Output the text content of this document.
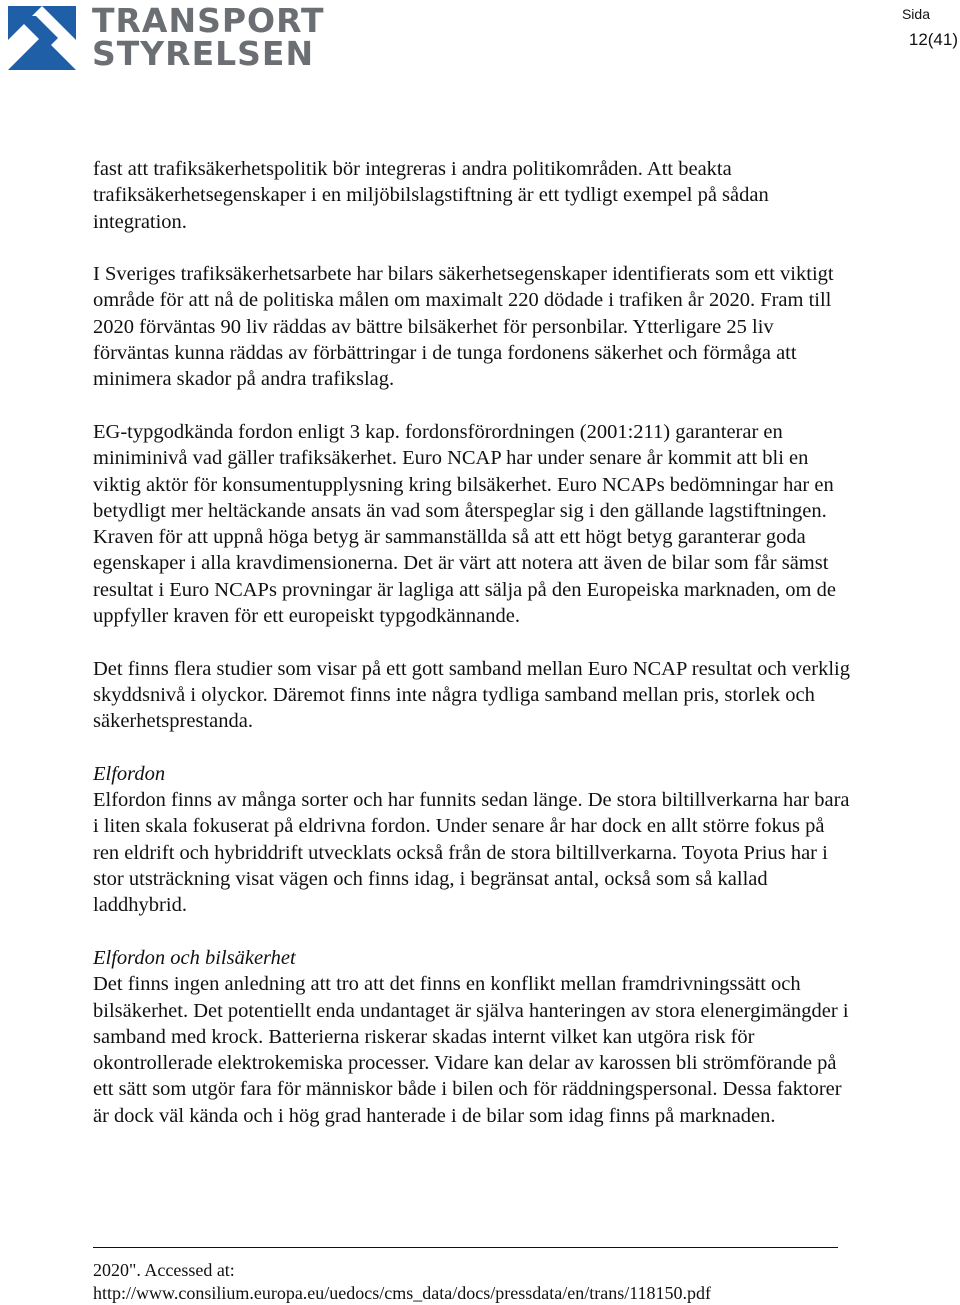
TRANSPORT
STYRELSEN
Sida
12(41)

fast att trafiksäkerhetspolitik bör integreras i andra politikområden. Att beakta trafiksäkerhetsegenskaper i en miljöbilslagstiftning är ett tydligt exempel på sådan integration.

I Sveriges trafiksäkerhetsarbete har bilars säkerhetsegenskaper identifierats som ett viktigt område för att nå de politiska målen om maximalt 220 dödade i trafiken år 2020. Fram till 2020 förväntas 90 liv räddas av bättre bilsäkerhet för personbilar. Ytterligare 25 liv förväntas kunna räddas av förbättringar i de tunga fordonens säkerhet och förmåga att minimera skador på andra trafikslag.

EG-typgodkända fordon enligt 3 kap. fordonsförordningen (2001:211) garanterar en miniminivå vad gäller trafiksäkerhet. Euro NCAP har under senare år kommit att bli en viktig aktör för konsumentupplysning kring bilsäkerhet. Euro NCAPs bedömningar har en betydligt mer heltäckande ansats än vad som återspeglar sig i den gällande lagstiftningen. Kraven för att uppnå höga betyg är sammanställda så att ett högt betyg garanterar goda egenskaper i alla kravdimensionerna. Det är värt att notera att även de bilar som får sämst resultat i Euro NCAPs provningar är lagliga att sälja på den Europeiska marknaden, om de uppfyller kraven för ett europeiskt typgodkännande.

Det finns flera studier som visar på ett gott samband mellan Euro NCAP resultat och verklig skyddsnivå i olyckor. Däremot finns inte några tydliga samband mellan pris, storlek och säkerhetsprestanda.

Elfordon

Elfordon finns av många sorter och har funnits sedan länge. De stora biltillverkarna har bara i liten skala fokuserat på eldrivna fordon. Under senare år har dock en allt större fokus på ren eldrift och hybriddrift utvecklats också från de stora biltillverkarna. Toyota Prius har i stor utsträckning visat vägen och finns idag, i begränsat antal, också som så kallad laddhybrid.

Elfordon och bilsäkerhet

Det finns ingen anledning att tro att det finns en konflikt mellan framdrivningssätt och bilsäkerhet. Det potentiellt enda undantaget är själva hanteringen av stora elenergimängder i samband med krock. Batterierna riskerar skadas internt vilket kan utgöra risk för okontrollerade elektrokemiska processer. Vidare kan delar av karossen bli strömförande på ett sätt som utgör fara för människor både i bilen och för räddningspersonal. Dessa faktorer är dock väl kända och i hög grad hanterade i de bilar som idag finns på marknaden.

2020". Accessed at:
http://www.consilium.europa.eu/uedocs/cms_data/docs/pressdata/en/trans/118150.pdf
